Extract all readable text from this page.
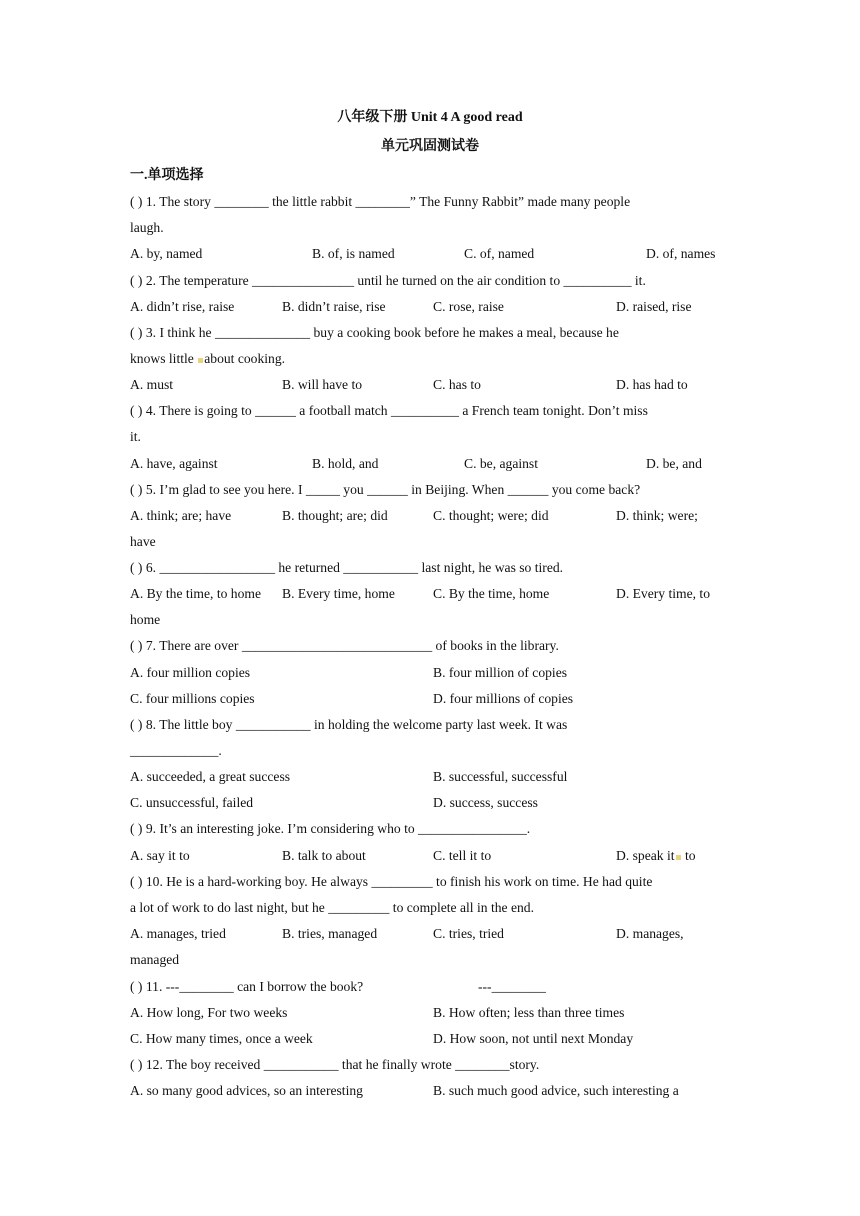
八年级下册 Unit 4 A good read
单元巩固测试卷
一.单项选择
( ) 1. The story ________ the little rabbit ________” The Funny Rabbit” made many people
laugh.
A. by, named	B. of, is named	C. of, named	D. of, names
( ) 2. The temperature _______________ until he turned on the air condition to __________ it.
A. didn’t rise, raise	B. didn’t raise, rise	C. rose, raise	D. raised, rise
( ) 3. I think he ______________ buy a cooking book before he makes a meal, because he
knows little about cooking.
A. must	B. will have to	C. has to	D. has had to
( ) 4. There is going to ______ a football match __________ a French team tonight. Don’t miss
it.
A. have, against	B. hold, and	C. be, against	D. be, and
( ) 5. I’m glad to see you here. I _____ you ______ in Beijing. When ______ you come back?
A. think; are; have	B. thought; are; did	C. thought; were; did	D. think; were;
have
( ) 6. _________________ he returned ___________ last night, he was so tired.
A. By the time, to home B. Every time, home	C. By the time, home	D. Every time, to
home
( ) 7. There are over ____________________________ of books in the library.
A. four million copies	B. four million of copies
C. four millions copies	D. four millions of copies
( ) 8. The little boy ___________ in holding the welcome party last week. It was
_____________.
A. succeeded, a great success	B. successful, successful
C. unsuccessful, failed	D. success, success
( ) 9. It’s an interesting joke. I’m considering who to ________________.
A. say it to	B. talk to about	C. tell it to	D. speak it to
( ) 10. He is a hard-working boy. He always _________ to finish his work on time. He had quite
a lot of work to do last night, but he _________ to complete all in the end.
A. manages, tried	B. tries, managed	C. tries, tried	D. manages,
managed
( ) 11. ---________ can I borrow the book?	---________
A. How long, For two weeks	B. How often; less than three times
C. How many times, once a week	D. How soon, not until next Monday
( ) 12. The boy received ___________ that he finally wrote ________story.
A. so many good advices, so an interesting	B. such much good advice, such interesting a
